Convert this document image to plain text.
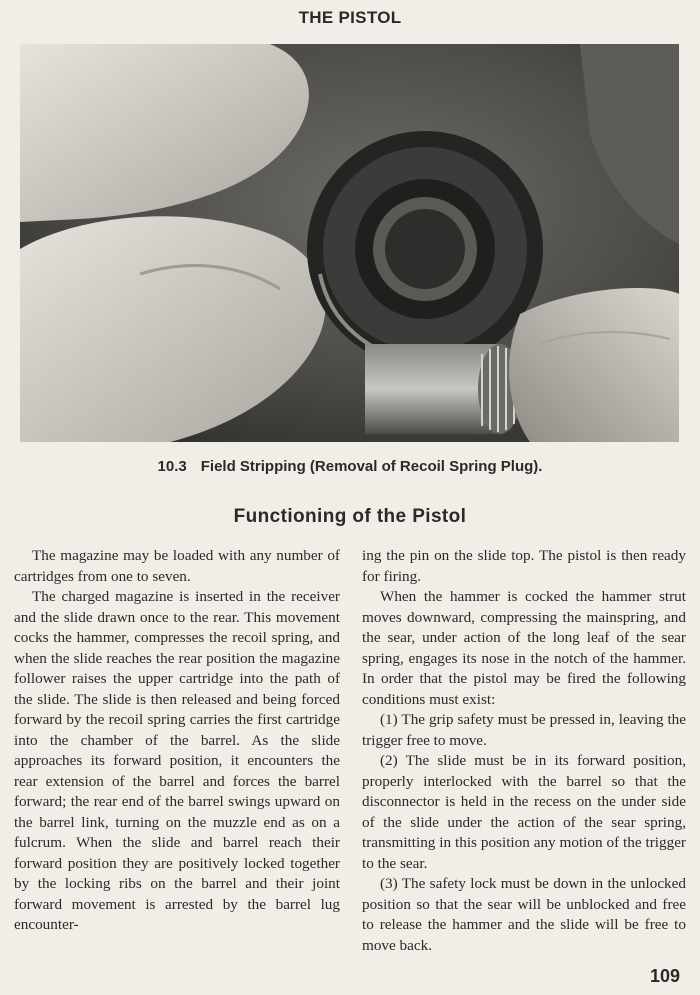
THE PISTOL
10.3 Field Stripping (Removal of Recoil Spring Plug).
Functioning of the Pistol

The magazine may be loaded with any number of cartridges from one to seven.

The charged magazine is inserted in the receiver and the slide drawn once to the rear. This movement cocks the hammer, compresses the recoil spring, and when the slide reaches the rear position the magazine follower raises the upper cartridge into the path of the slide. The slide is then released and being forced forward by the recoil spring carries the first cartridge into the chamber of the barrel. As the slide approaches its forward position, it encounters the rear extension of the barrel and forces the barrel forward; the rear end of the barrel swings upward on the barrel link, turning on the muzzle end as on a fulcrum. When the slide and barrel reach their forward position they are positively locked together by the locking ribs on the barrel and their joint forward movement is arrested by the barrel lug encounter-

ing the pin on the slide top. The pistol is then ready for firing.

When the hammer is cocked the hammer strut moves downward, compressing the mainspring, and the sear, under action of the long leaf of the sear spring, engages its nose in the notch of the hammer. In order that the pistol may be fired the following conditions must exist:

(1) The grip safety must be pressed in, leaving the trigger free to move.

(2) The slide must be in its forward position, properly interlocked with the barrel so that the disconnector is held in the recess on the under side of the slide under the action of the sear spring, transmitting in this position any motion of the trigger to the sear.

(3) The safety lock must be down in the unlocked position so that the sear will be unblocked and free to release the hammer and the slide will be free to move back.

109
